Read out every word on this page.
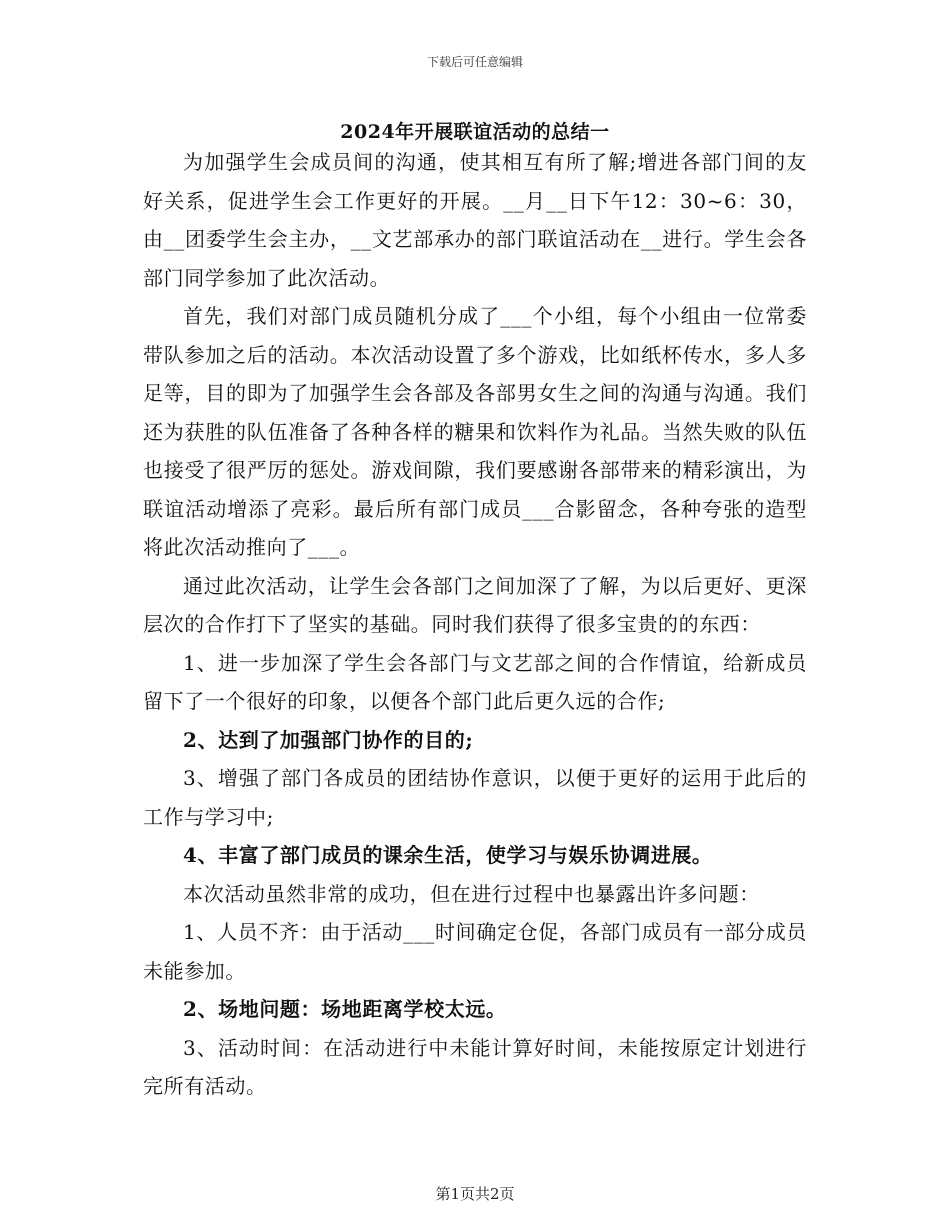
下载后可任意编辑
2024年开展联谊活动的总结一

为加强学生会成员间的沟通，使其相互有所了解;增进各部门间的友好关系，促进学生会工作更好的开展。__月__日下午12：30~6：30，由__团委学生会主办，__文艺部承办的部门联谊活动在__进行。学生会各部门同学参加了此次活动。

首先，我们对部门成员随机分成了___个小组，每个小组由一位常委带队参加之后的活动。本次活动设置了多个游戏，比如纸杯传水，多人多足等，目的即为了加强学生会各部及各部男女生之间的沟通与沟通。我们还为获胜的队伍准备了各种各样的糖果和饮料作为礼品。当然失败的队伍也接受了很严厉的惩处。游戏间隙，我们要感谢各部带来的精彩演出，为联谊活动增添了亮彩。最后所有部门成员___合影留念，各种夸张的造型将此次活动推向了___。

通过此次活动，让学生会各部门之间加深了了解，为以后更好、更深层次的合作打下了坚实的基础。同时我们获得了很多宝贵的的东西：

1、进一步加深了学生会各部门与文艺部之间的合作情谊，给新成员留下了一个很好的印象，以便各个部门此后更久远的合作;

2、达到了加强部门协作的目的;

3、增强了部门各成员的团结协作意识，以便于更好的运用于此后的工作与学习中;

4、丰富了部门成员的课余生活，使学习与娱乐协调进展。

本次活动虽然非常的成功，但在进行过程中也暴露出许多问题：

1、人员不齐：由于活动___时间确定仓促，各部门成员有一部分成员未能参加。

2、场地问题：场地距离学校太远。

3、活动时间：在活动进行中未能计算好时间，未能按原定计划进行完所有活动。

第1页共2页
